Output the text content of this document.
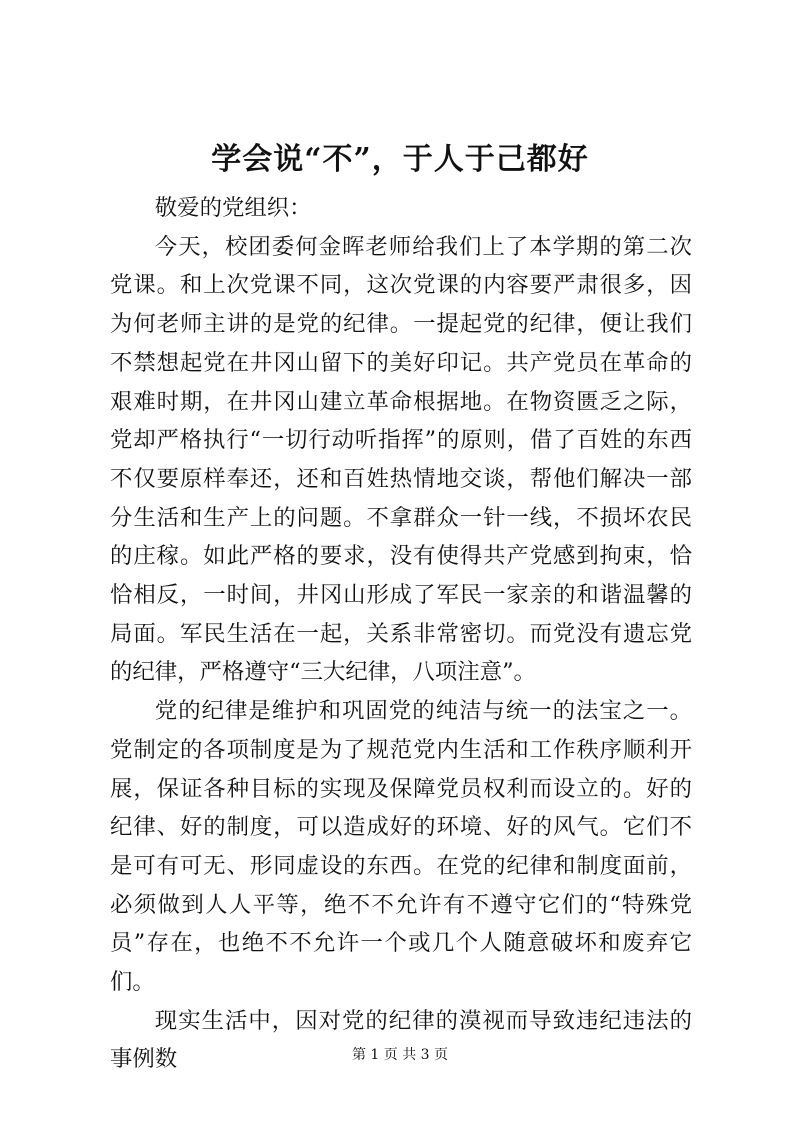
学会说“不”，于人于己都好

敬爱的党组织：

今天，校团委何金晖老师给我们上了本学期的第二次党课。和上次党课不同，这次党课的内容要严肃很多，因为何老师主讲的是党的纪律。一提起党的纪律，便让我们不禁想起党在井冈山留下的美好印记。共产党员在革命的艰难时期，在井冈山建立革命根据地。在物资匮乏之际，党却严格执行“一切行动听指挥”的原则，借了百姓的东西不仅要原样奉还，还和百姓热情地交谈，帮他们解决一部分生活和生产上的问题。不拿群众一针一线，不损坏农民的庄稼。如此严格的要求，没有使得共产党感到拘束，恰恰相反，一时间，井冈山形成了军民一家亲的和谐温馨的局面。军民生活在一起，关系非常密切。而党没有遗忘党的纪律，严格遵守“三大纪律，八项注意”。

党的纪律是维护和巩固党的纯洁与统一的法宝之一。党制定的各项制度是为了规范党内生活和工作秩序顺利开展，保证各种目标的实现及保障党员权利而设立的。好的纪律、好的制度，可以造成好的环境、好的风气。它们不是可有可无、形同虚设的东西。在党的纪律和制度面前，必须做到人人平等，绝不不允许有不遵守它们的“特殊党员”存在，也绝不不允许一个或几个人随意破坏和废弃它们。

现实生活中，因对党的纪律的漠视而导致违纪违法的事例数	第 1 页 共 3 页
